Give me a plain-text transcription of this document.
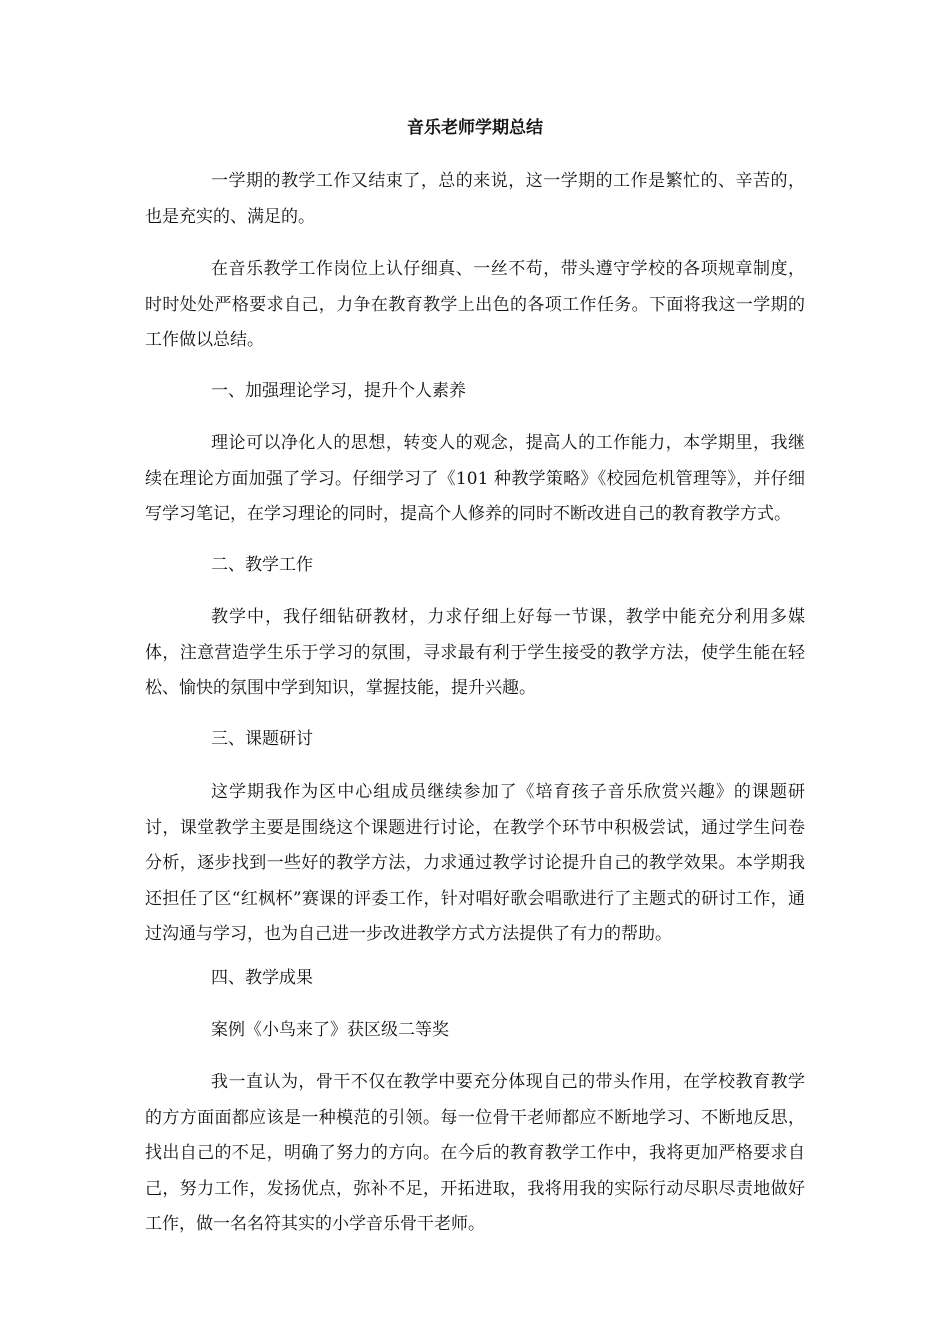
音乐老师学期总结

一学期的教学工作又结束了，总的来说，这一学期的工作是繁忙的、辛苦的，也是充实的、满足的。

在音乐教学工作岗位上认仔细真、一丝不苟，带头遵守学校的各项规章制度，时时处处严格要求自己，力争在教育教学上出色的各项工作任务。下面将我这一学期的工作做以总结。

一、加强理论学习，提升个人素养

理论可以净化人的思想，转变人的观念，提高人的工作能力，本学期里，我继续在理论方面加强了学习。仔细学习了《101 种教学策略》《校园危机管理等》，并仔细写学习笔记，在学习理论的同时，提高个人修养的同时不断改进自己的教育教学方式。

二、教学工作

教学中，我仔细钻研教材，力求仔细上好每一节课，教学中能充分利用多媒体，注意营造学生乐于学习的氛围，寻求最有利于学生接受的教学方法，使学生能在轻松、愉快的氛围中学到知识，掌握技能，提升兴趣。

三、课题研讨

这学期我作为区中心组成员继续参加了《培育孩子音乐欣赏兴趣》的课题研讨，课堂教学主要是围绕这个课题进行讨论，在教学个环节中积极尝试，通过学生问卷分析，逐步找到一些好的教学方法，力求通过教学讨论提升自己的教学效果。本学期我还担任了区“红枫杯”赛课的评委工作，针对唱好歌会唱歌进行了主题式的研讨工作，通过沟通与学习，也为自己进一步改进教学方式方法提供了有力的帮助。

四、教学成果

案例《小鸟来了》获区级二等奖

我一直认为，骨干不仅在教学中要充分体现自己的带头作用，在学校教育教学的方方面面都应该是一种模范的引领。每一位骨干老师都应不断地学习、不断地反思，找出自己的不足，明确了努力的方向。在今后的教育教学工作中，我将更加严格要求自己，努力工作，发扬优点，弥补不足，开拓进取，我将用我的实际行动尽职尽责地做好工作，做一名名符其实的小学音乐骨干老师。
